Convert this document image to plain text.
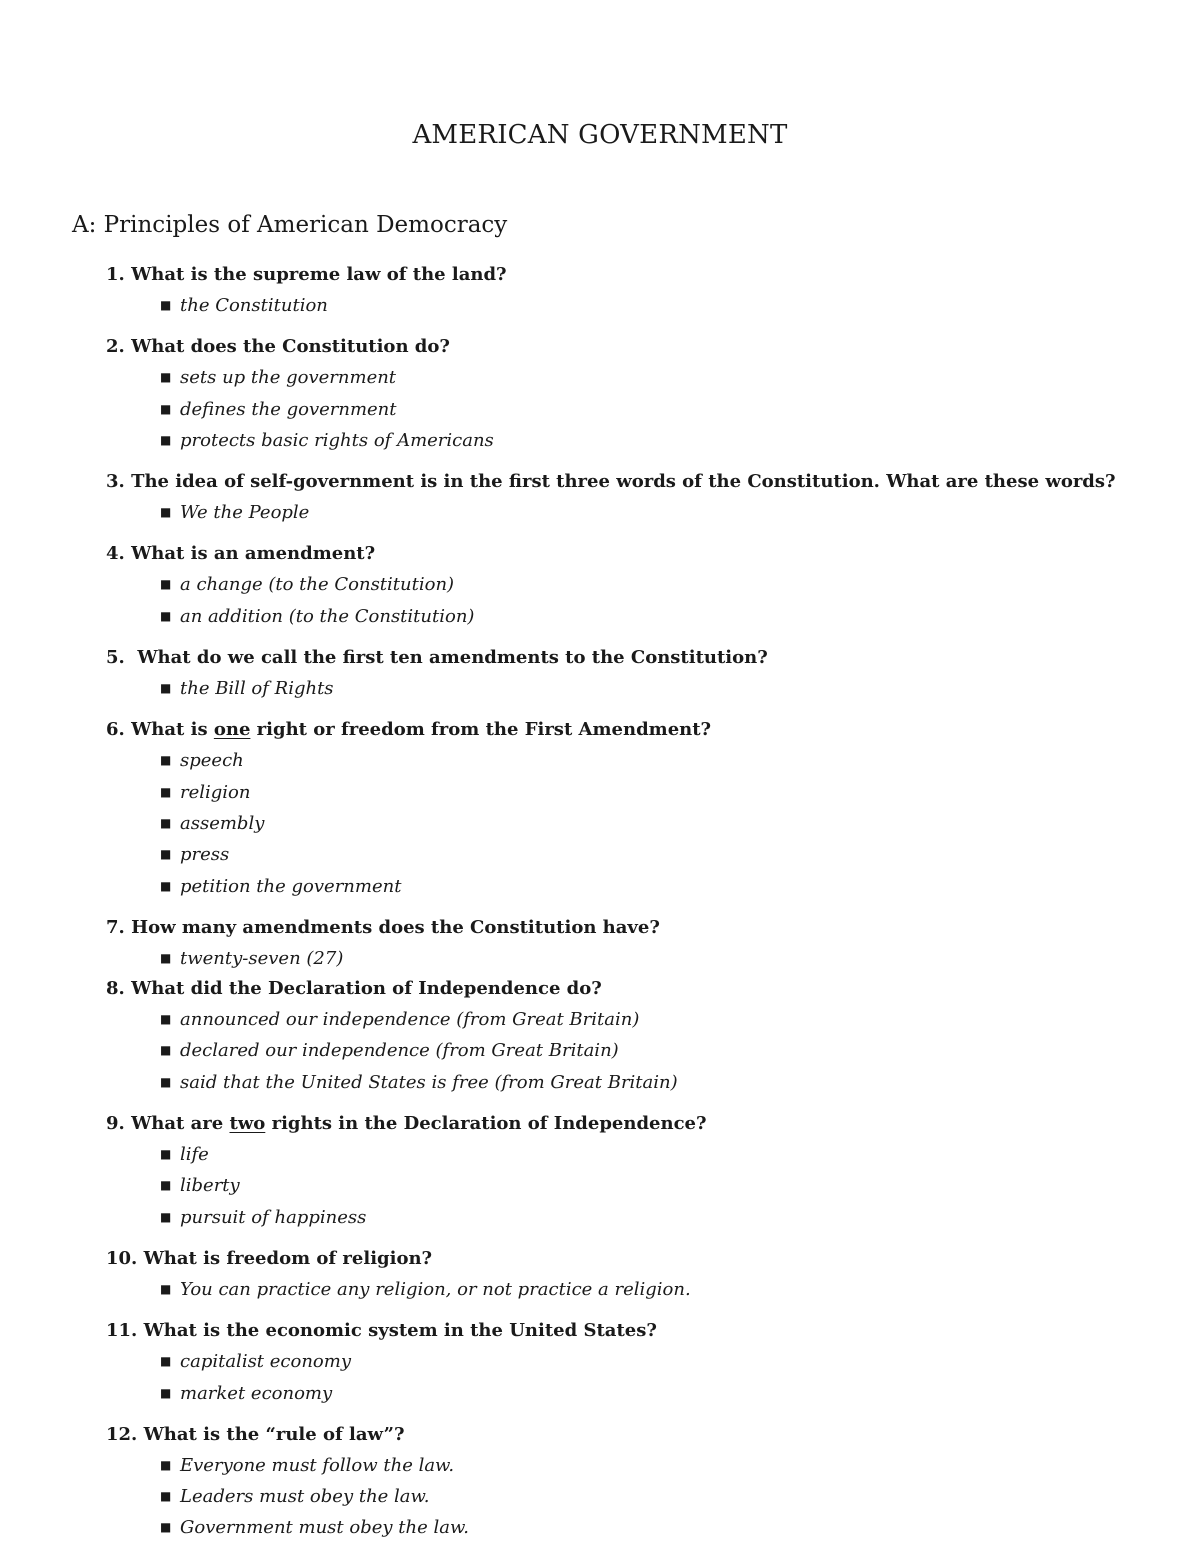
AMERICAN GOVERNMENT
A: Principles of American Democracy

1. What is the supreme law of the land?

■ the Constitution

2. What does the Constitution do?

■ sets up the government
■ defines the government
■ protects basic rights of Americans

3. The idea of self-government is in the first three words of the Constitution. What are these words?

■ We the People

4. What is an amendment?

■ a change (to the Constitution)
■ an addition (to the Constitution)

5.  What do we call the first ten amendments to the Constitution?

■ the Bill of Rights

6. What is one right or freedom from the First Amendment?

■ speech
■ religion
■ assembly
■ press
■ petition the government

7. How many amendments does the Constitution have?

■ twenty-seven (27)

8. What did the Declaration of Independence do?

■ announced our independence (from Great Britain)
■ declared our independence (from Great Britain)
■ said that the United States is free (from Great Britain)

9. What are two rights in the Declaration of Independence?

■ life
■ liberty
■ pursuit of happiness

10. What is freedom of religion?

■ You can practice any religion, or not practice a religion.

11. What is the economic system in the United States?

■ capitalist economy
■ market economy

12. What is the “rule of law”?

■ Everyone must follow the law.
■ Leaders must obey the law.
■ Government must obey the law.
